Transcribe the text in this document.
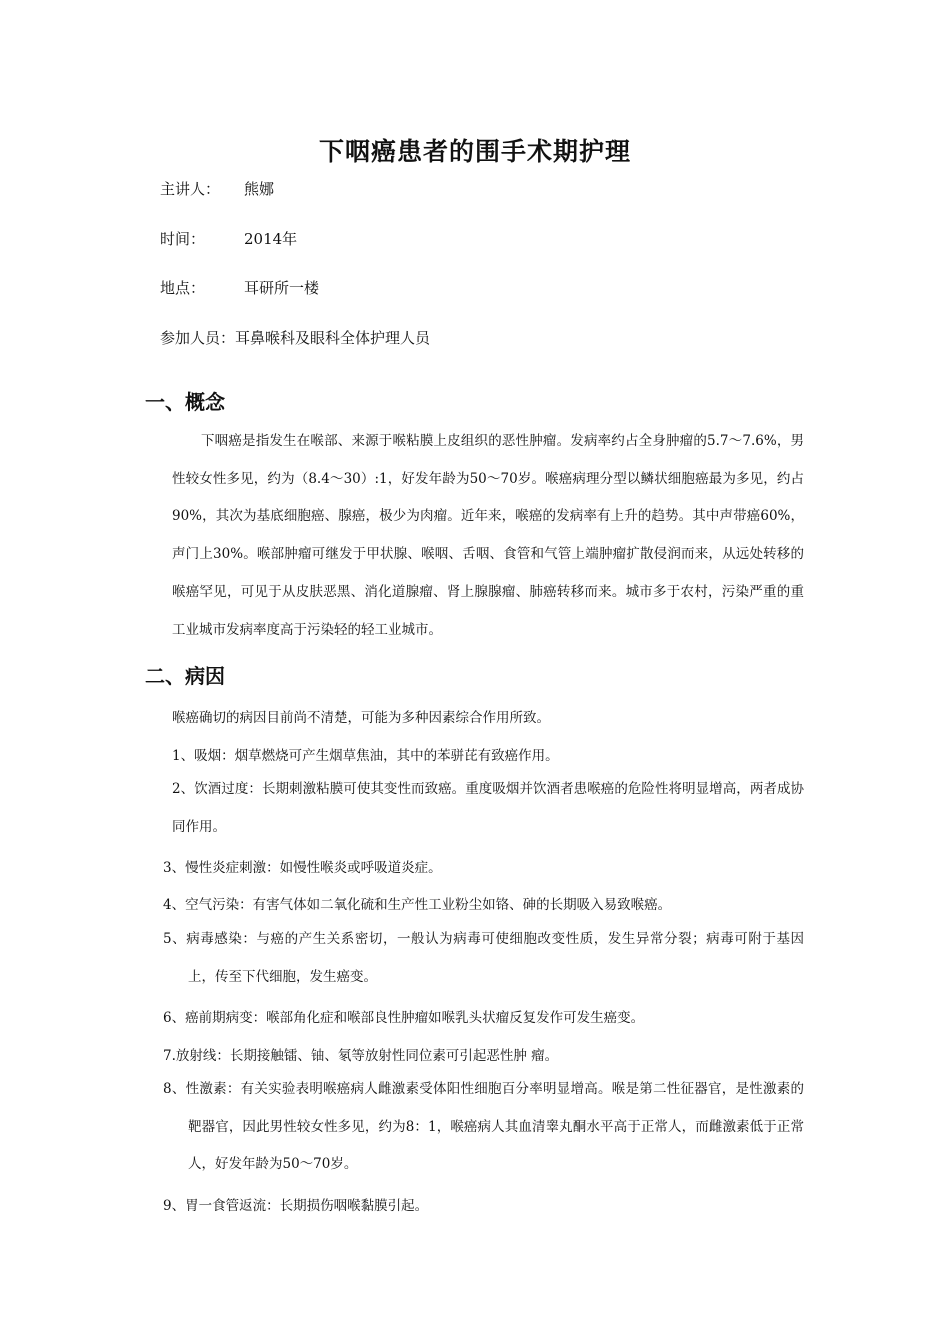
下咽癌患者的围手术期护理
主讲人： 熊娜
时间：	2014年
地点：	耳研所一楼
参加人员：耳鼻喉科及眼科全体护理人员
一、概念

下咽癌是指发生在喉部、来源于喉粘膜上皮组织的恶性肿瘤。发病率约占全身肿瘤的5.7～7.6%，男性较女性多见，约为（8.4～30）:1，好发年龄为50～70岁。喉癌病理分型以鳞状细胞癌最为多见，约占90%，其次为基底细胞癌、腺癌，极少为肉瘤。近年来，喉癌的发病率有上升的趋势。其中声带癌60%，声门上30%。喉部肿瘤可继发于甲状腺、喉咽、舌咽、食管和气管上端肿瘤扩散侵润而来，从远处转移的喉癌罕见，可见于从皮肤恶黑、消化道腺瘤、肾上腺腺瘤、肺癌转移而来。城市多于农村，污染严重的重工业城市发病率度高于污染轻的轻工业城市。

二、病因
喉癌确切的病因目前尚不清楚，可能为多种因素综合作用所致。
1、吸烟：烟草燃烧可产生烟草焦油，其中的苯骈芘有致癌作用。

2、饮酒过度：长期刺激粘膜可使其变性而致癌。重度吸烟并饮酒者患喉癌的危险性将明显增高，两者成协同作用。

3、慢性炎症刺激：如慢性喉炎或呼吸道炎症。
4、空气污染：有害气体如二氧化硫和生产性工业粉尘如铬、砷的长期吸入易致喉癌。

5、病毒感染：与癌的产生关系密切，一般认为病毒可使细胞改变性质，发生异常分裂；病毒可附于基因上，传至下代细胞，发生癌变。

6、癌前期病变：喉部角化症和喉部良性肿瘤如喉乳头状瘤反复发作可发生癌变。
7.放射线：长期接触镭、铀、氡等放射性同位素可引起恶性肿 瘤。

8、性激素：有关实验表明喉癌病人雌激素受体阳性细胞百分率明显增高。喉是第二性征器官，是性激素的靶器官，因此男性较女性多见，约为8：1，喉癌病人其血清睾丸酮水平高于正常人，而雌激素低于正常人，好发年龄为50～70岁。

9、胃一食管返流：长期损伤咽喉黏膜引起。
